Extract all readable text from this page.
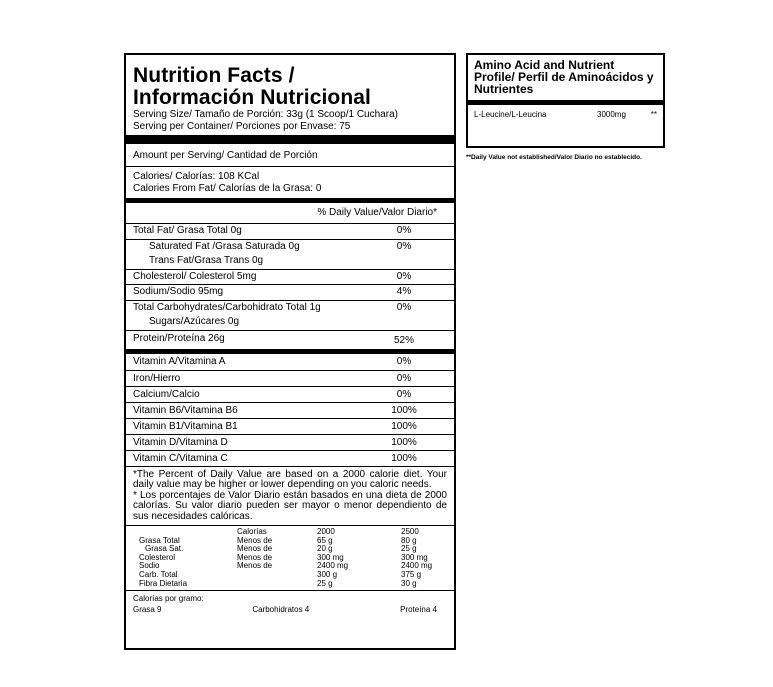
Nutrition Facts /
Información Nutricional
Serving Size/ Tamaño de Porción: 33g (1 Scoop/1 Cuchara)
Serving per Container/ Porciones por Envase: 75
Amount per Serving/ Cantidad de Porción
Calories/ Calorías: 108 KCal
Calories From Fat/ Calorías de la Grasa: 0
% Daily Value/Valor Diario*
Total Fat/ Grasa Total 0g	0%
Saturated Fat /Grasa Saturada 0g	0%
Trans Fat/Grasa Trans 0g
Cholesterol/ Colesterol 5mg	0%
Sodium/Sodio 95mg	4%
Total Carbohydrates/Carbohidrato Total 1g	0%
Sugars/Azúcares 0g
Protein/Proteína 26g	52%
Vitamin A/Vitamina A	0%
Iron/Hierro	0%
Calcium/Calcio	0%
Vitamin B6/Vitamina B6	100%
Vitamin B1/Vitamina B1	100%
Vitamin D/Vitamina D	100%
Vitamin C/Vitamina C	100%
*The Percent of Daily Value are based on a 2000 calorie diet. Your daily value may be higher or lower depending on you caloric needs.
* Los porcentajes de Valor Diario están basados en una dieta de 2000 calorías. Su valor diario pueden ser mayor o menor dependiento de sus necesidades calóricas.
	Calorías	2000	2500
Grasa Total	Menos de	65 g	80 g
Grasa Sat.	Menos de	20 g	25 g
Colesterol	Menos de	300 mg	300 mg
Sodio	Menos de	2400 mg	2400 mg
Carb. Total		300 g	375 g
Fibra Dietaria		25 g	30 g
Calorías por gramo:
Grasa 9	Carbohidratos 4	Proteína 4
Amino Acid and Nutrient Profile/ Perfil de Aminoácidos y Nutrientes
L-Leucine/L-Leucina	3000mg	**
**Daily Value not established/Valor Diario no establecido.
